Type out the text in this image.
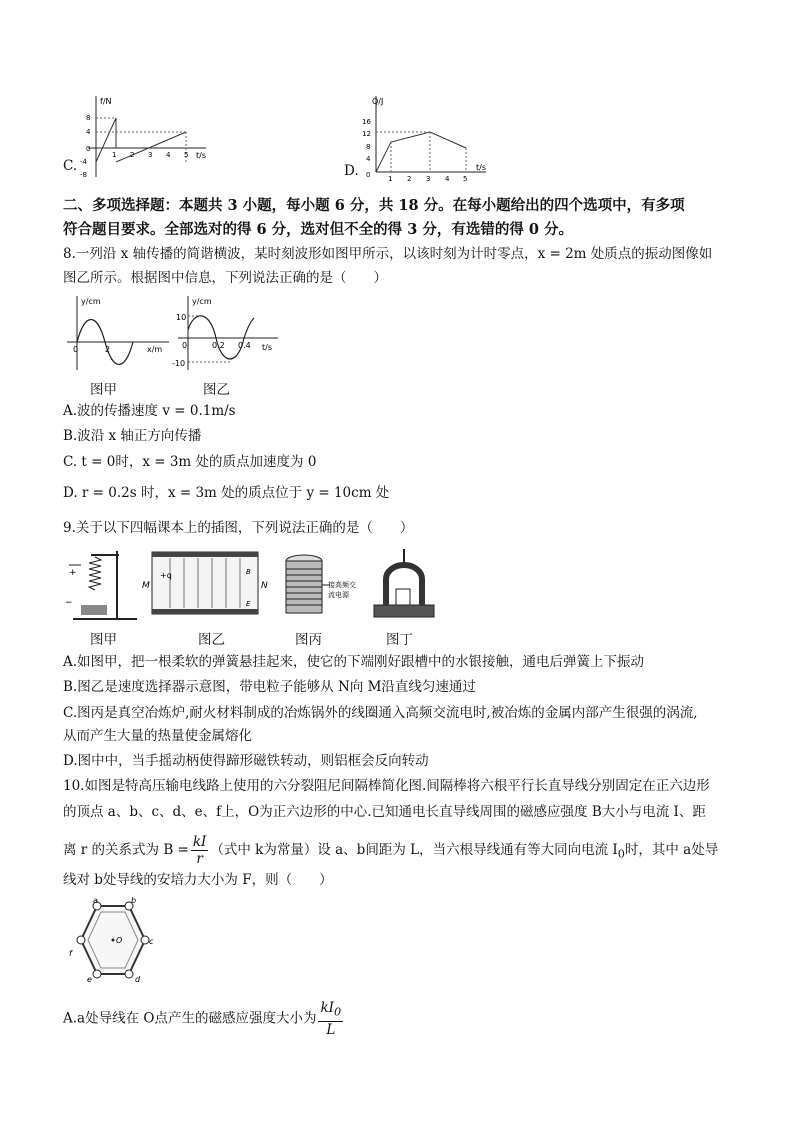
C.
f/N
t/s
8
4
0
-4
-8
1 2 3 4 5
D.
Q/J
t/s
16
12
8
4
0	1 2 3 4 5
二、多项选择题：本题共 3 小题，每小题 6 分，共 18 分。在每小题给出的四个选项中，有多项
符合题目要求。全部选对的得 6 分，选对但不全的得 3 分，有选错的得 0 分。
8.一列沿 x 轴传播的简谐横波，某时刻波形如图甲所示，以该时刻为计时零点，x = 2m 处质点的振动图像如
图乙所示。根据图中信息，下列说法正确的是（　　）
y/cm
x/m
0	2
图甲
y/cm
t/s
10
-10
0	0.2 0.4
图乙
A.波的传播速度 v = 0.1m/s
B.波沿 x 轴正方向传播
C. t = 0时，x = 3m 处的质点加速度为 0
D. r = 0.2s 时，x = 3m 处的质点位于 y = 10cm 处
9.关于以下四幅课本上的插图，下列说法正确的是（　　）
+
−
图甲
M	N
+q	B
E
图乙
接高频交
流电源
图丙	图丁
A.如图甲，把一根柔软的弹簧悬挂起来，使它的下端刚好跟槽中的水银接触，通电后弹簧上下振动
B.图乙是速度选择器示意图，带电粒子能够从 N向 M沿直线匀速通过
C.图丙是真空冶炼炉,耐火材料制成的冶炼锅外的线圈通入高频交流电时,被冶炼的金属内部产生很强的涡流,
从而产生大量的热量使金属熔化
D.图中中，当手摇动柄使得蹄形磁铁转动，则铝框会反向转动
10.如图是特高压输电线路上使用的六分裂阻尼间隔棒简化图.间隔棒将六根平行长直导线分别固定在正六边形
的顶点 a、b、c、d、e、f上，O为正六边形的中心.已知通电长直导线周围的磁感应强度 B大小与电流 I、距
离 r 的关系式为 $B = \frac{kI}{r}$ （式中 k为常量）设 a、b间距为 L，当六根导线通有等大同向电流 $I_0$时，其中 a处导
线对 b处导线的安培力大小为 F，则（　　）
a	b
c
d
e
f
O
A.a处导线在 O点产生的磁感应强度大小为 $\frac{kI_0}{L}$
